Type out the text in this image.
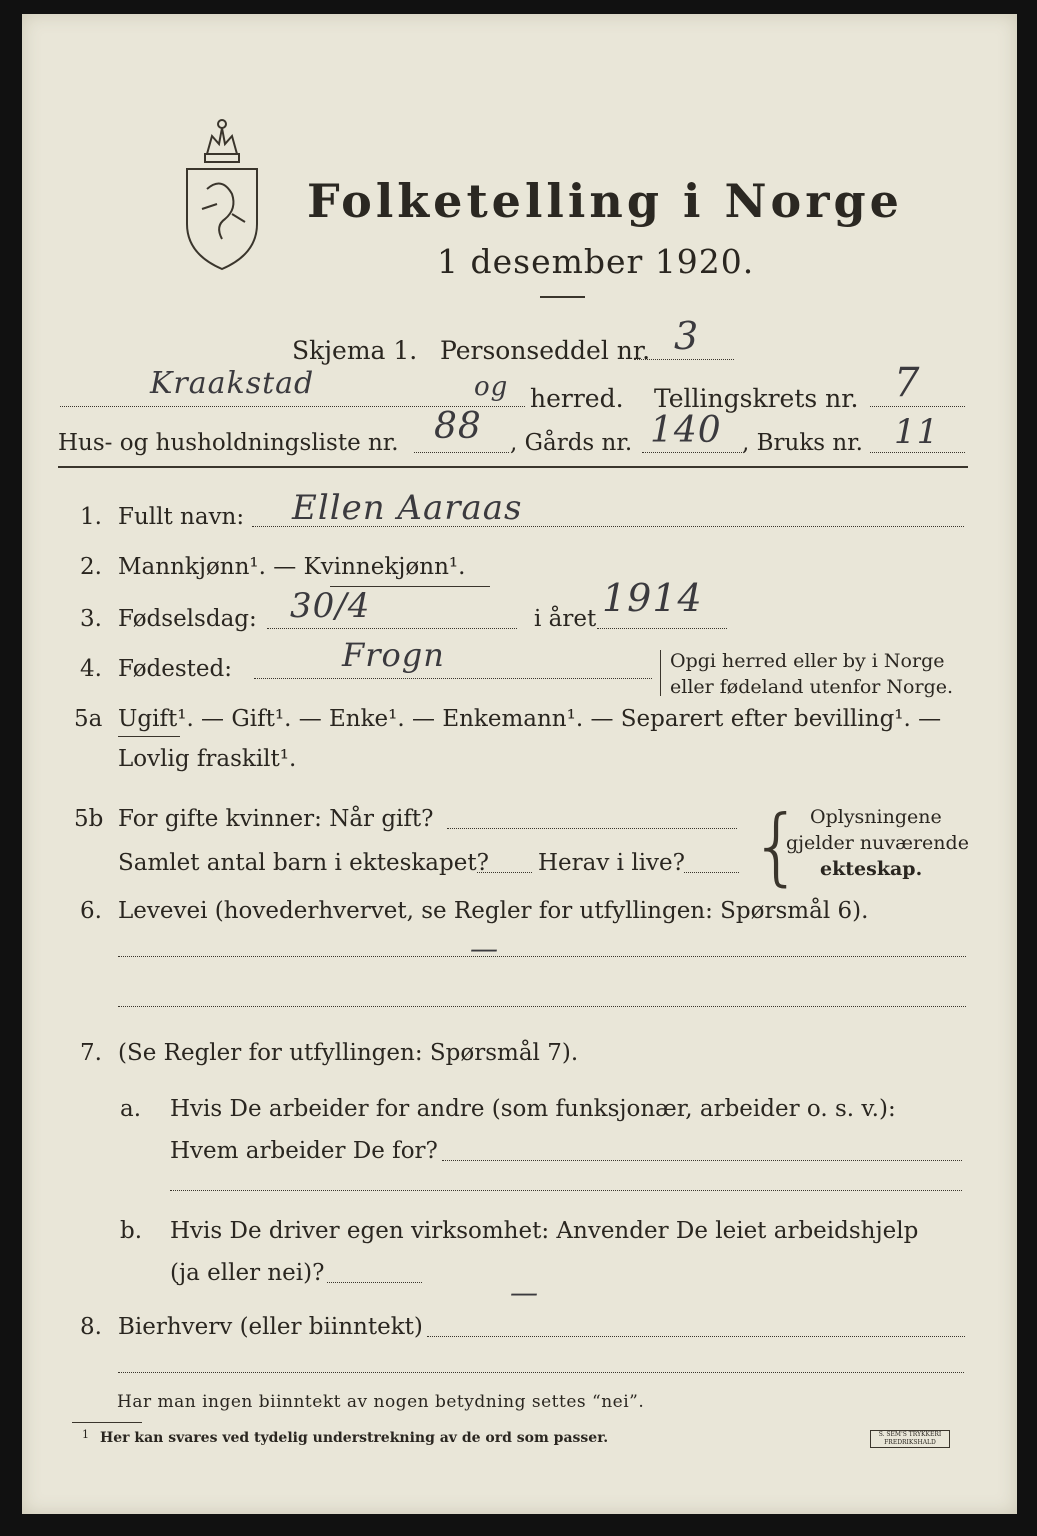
Folketelling i Norge
1 desember 1920.
Skjema 1. Personseddel nr. 3
Kraakstad	og herred. Tellingskrets nr. 7
Hus- og husholdningsliste nr. 88 , Gårds nr. 140 , Bruks nr. 11
1. Fullt navn: Ellen Aaraas
2. Mannkjønn¹. — Kvinnekjønn¹.
3. Fødselsdag: 30/4	i året 1914
4. Fødested:	Frogn	Opgi herred eller by i Norge
eller fødeland utenfor Norge.
5a Ugift¹. — Gift¹. — Enke¹. — Enkemann¹. — Separert efter bevilling¹. —
Lovlig fraskilt¹.
5b For gifte kvinner: Når gift?
Samlet antal barn i ekteskapet? Herav i live? { Oplysningene
gjelder nuværende
ekteskap.
6. Levevei (hovederhvervet, se Regler for utfyllingen: Spørsmål 6).
—
7. (Se Regler for utfyllingen: Spørsmål 7).
a. Hvis De arbeider for andre (som funksjonær, arbeider o. s. v.):
Hvem arbeider De for?
b. Hvis De driver egen virksomhet: Anvender De leiet arbeidshjelp
(ja eller nei)?
—
8. Bierhverv (eller biinntekt)
Har man ingen biinntekt av nogen betydning settes “nei”.
1 Her kan svares ved tydelig understrekning av de ord som passer.	S. SEM'S TRYKKERI FREDRIKSHALD
